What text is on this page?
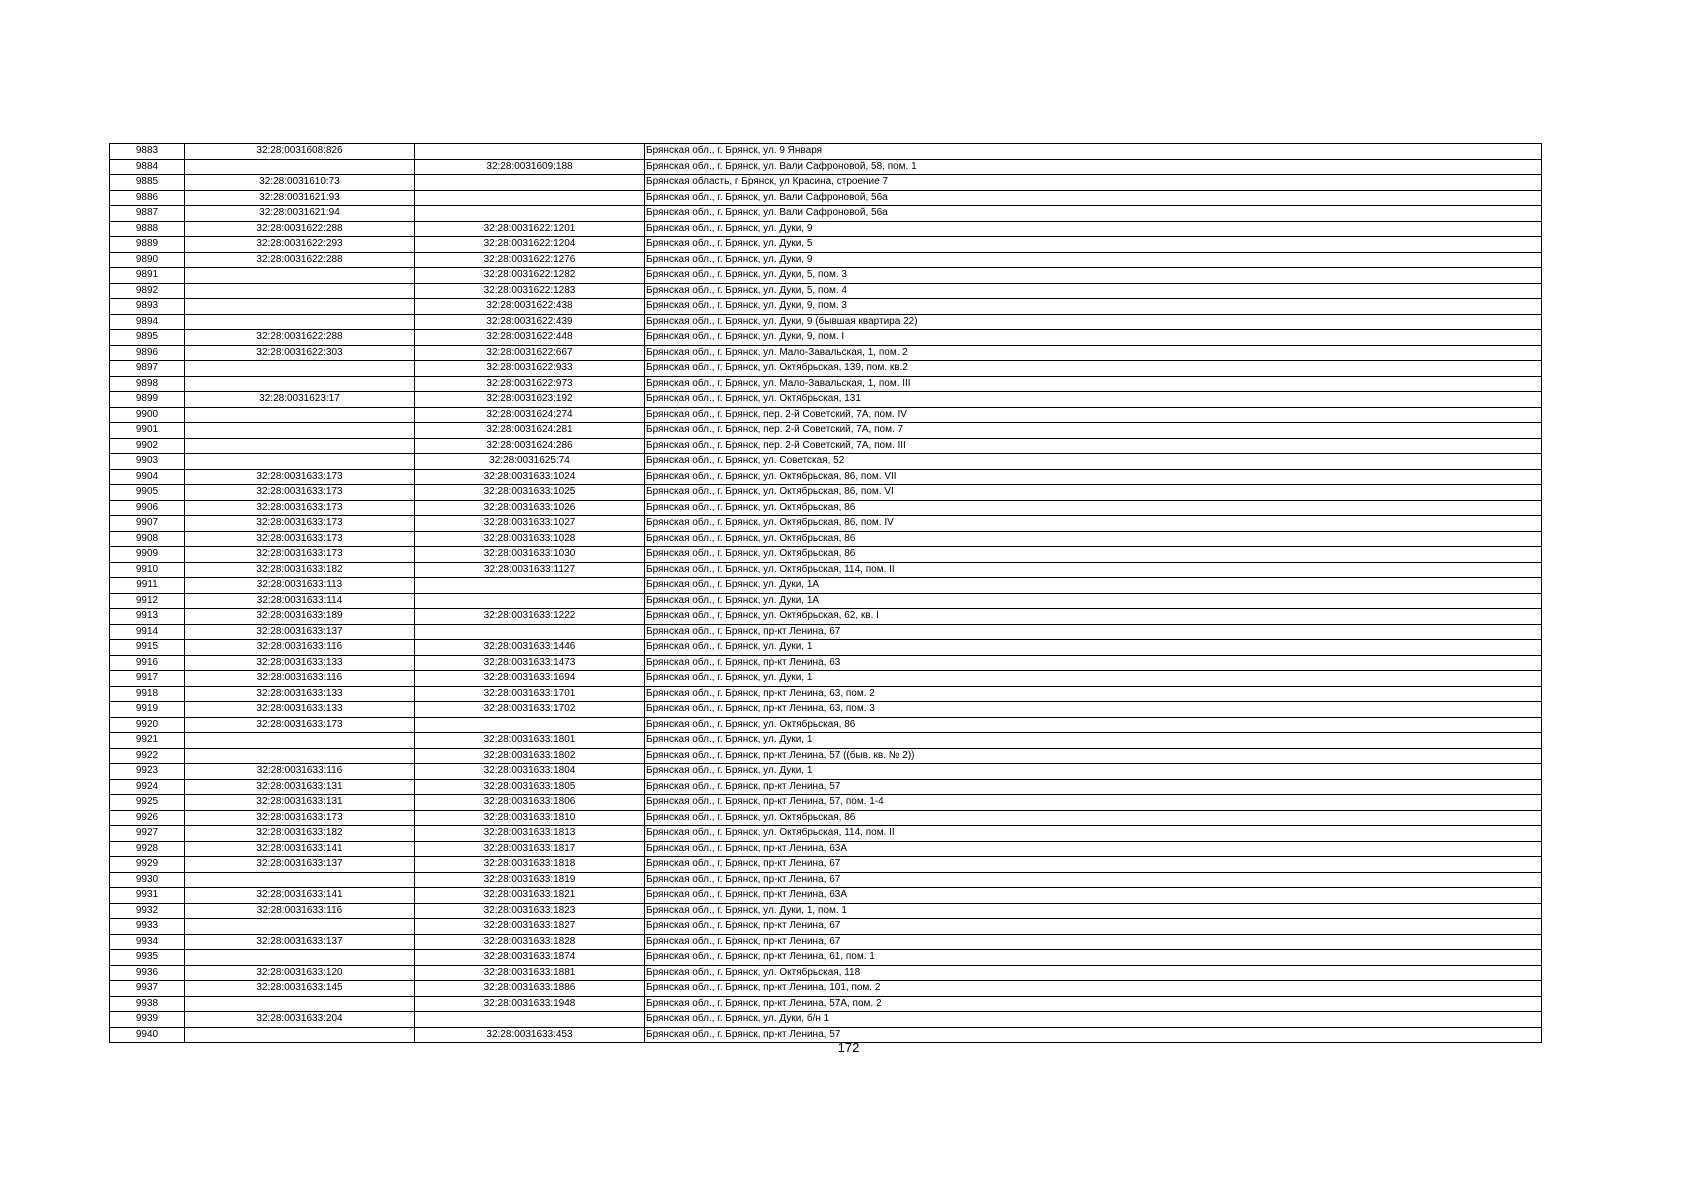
9883	32:28:0031608:826		Брянская обл., г. Брянск, ул. 9 Января
9884		32:28:0031609:188	Брянская обл., г. Брянск, ул. Вали Сафроновой, 58, пом. 1
9885	32:28:0031610:73		Брянская область, г Брянск, ул Красина, строение 7
9886	32:28:0031621:93		Брянская обл., г. Брянск, ул. Вали Сафроновой, 56а
9887	32:28:0031621:94		Брянская обл., г. Брянск, ул. Вали Сафроновой, 56а
9888	32:28:0031622:288	32:28:0031622:1201	Брянская обл., г. Брянск, ул. Дуки, 9
9889	32:28:0031622:293	32:28:0031622:1204	Брянская обл., г. Брянск, ул. Дуки, 5
9890	32:28:0031622:288	32:28:0031622:1276	Брянская обл., г. Брянск, ул. Дуки, 9
9891		32:28:0031622:1282	Брянская обл., г. Брянск, ул. Дуки, 5, пом. 3
9892		32:28:0031622:1283	Брянская обл., г. Брянск, ул. Дуки, 5, пом. 4
9893		32:28:0031622:438	Брянская обл., г. Брянск, ул. Дуки, 9, пом. 3
9894		32:28:0031622:439	Брянская обл., г. Брянск, ул. Дуки, 9 (бывшая квартира 22)
9895	32:28:0031622:288	32:28:0031622:448	Брянская обл., г. Брянск, ул. Дуки, 9, пом. I
9896	32:28:0031622:303	32:28:0031622:667	Брянская обл., г. Брянск, ул. Мало-Завальская, 1, пом. 2
9897		32:28:0031622:933	Брянская обл., г. Брянск, ул. Октябрьская, 139, пом. кв.2
9898		32:28:0031622:973	Брянская обл., г. Брянск, ул. Мало-Завальская, 1, пом. III
9899	32:28:0031623:17	32:28:0031623:192	Брянская обл., г. Брянск, ул. Октябрьская, 131
9900		32:28:0031624:274	Брянская обл., г. Брянск, пер. 2-й Советский, 7А, пом. IV
9901		32:28:0031624:281	Брянская обл., г. Брянск, пер. 2-й Советский, 7А, пом. 7
9902		32:28:0031624:286	Брянская обл., г. Брянск, пер. 2-й Советский, 7А, пом. III
9903		32:28:0031625:74	Брянская обл., г. Брянск, ул. Советская, 52
9904	32:28:0031633:173	32:28:0031633:1024	Брянская обл., г. Брянск, ул. Октябрьская, 86, пом. VII
9905	32:28:0031633:173	32:28:0031633:1025	Брянская обл., г. Брянск, ул. Октябрьская, 86, пом. VI
9906	32:28:0031633:173	32:28:0031633:1026	Брянская обл., г. Брянск, ул. Октябрьская, 86
9907	32:28:0031633:173	32:28:0031633:1027	Брянская обл., г. Брянск, ул. Октябрьская, 86, пом. IV
9908	32:28:0031633:173	32:28:0031633:1028	Брянская обл., г. Брянск, ул. Октябрьская, 86
9909	32:28:0031633:173	32:28:0031633:1030	Брянская обл., г. Брянск, ул. Октябрьская, 86
9910	32:28:0031633:182	32:28:0031633:1127	Брянская обл., г. Брянск, ул. Октябрьская, 114, пом. II
9911	32:28:0031633:113		Брянская обл., г. Брянск, ул. Дуки, 1А
9912	32:28:0031633:114		Брянская обл., г. Брянск, ул. Дуки, 1А
9913	32:28:0031633:189	32:28:0031633:1222	Брянская обл., г. Брянск, ул. Октябрьская, 62, кв. I
9914	32:28:0031633:137		Брянская обл., г. Брянск, пр-кт Ленина, 67
9915	32:28:0031633:116	32:28:0031633:1446	Брянская обл., г. Брянск, ул. Дуки, 1
9916	32:28:0031633:133	32:28:0031633:1473	Брянская обл., г. Брянск, пр-кт Ленина, 63
9917	32:28:0031633:116	32:28:0031633:1694	Брянская обл., г. Брянск, ул. Дуки, 1
9918	32:28:0031633:133	32:28:0031633:1701	Брянская обл., г. Брянск, пр-кт Ленина, 63, пом. 2
9919	32:28:0031633:133	32:28:0031633:1702	Брянская обл., г. Брянск, пр-кт Ленина, 63, пом. 3
9920	32:28:0031633:173		Брянская обл., г. Брянск, ул. Октябрьская, 86
9921		32:28:0031633:1801	Брянская обл., г. Брянск, ул. Дуки, 1
9922		32:28:0031633:1802	Брянская обл., г. Брянск, пр-кт Ленина, 57 ((быв. кв. № 2))
9923	32:28:0031633:116	32:28:0031633:1804	Брянская обл., г. Брянск, ул. Дуки, 1
9924	32:28:0031633:131	32:28:0031633:1805	Брянская обл., г. Брянск, пр-кт Ленина, 57
9925	32:28:0031633:131	32:28:0031633:1806	Брянская обл., г. Брянск, пр-кт Ленина, 57, пом. 1-4
9926	32:28:0031633:173	32:28:0031633:1810	Брянская обл., г. Брянск, ул. Октябрьская, 86
9927	32:28:0031633:182	32:28:0031633:1813	Брянская обл., г. Брянск, ул. Октябрьская, 114, пом. II
9928	32:28:0031633:141	32:28:0031633:1817	Брянская обл., г. Брянск, пр-кт Ленина, 63А
9929	32:28:0031633:137	32:28:0031633:1818	Брянская обл., г. Брянск, пр-кт Ленина, 67
9930		32:28:0031633:1819	Брянская обл., г. Брянск, пр-кт Ленина, 67
9931	32:28:0031633:141	32:28:0031633:1821	Брянская обл., г. Брянск, пр-кт Ленина, 63А
9932	32:28:0031633:116	32:28:0031633:1823	Брянская обл., г. Брянск, ул. Дуки, 1, пом. 1
9933		32:28:0031633:1827	Брянская обл., г. Брянск, пр-кт Ленина, 67
9934	32:28:0031633:137	32:28:0031633:1828	Брянская обл., г. Брянск, пр-кт Ленина, 67
9935		32:28:0031633:1874	Брянская обл., г. Брянск, пр-кт Ленина, 61, пом. 1
9936	32:28:0031633:120	32:28:0031633:1881	Брянская обл., г. Брянск, ул. Октябрьская, 118
9937	32:28:0031633:145	32:28:0031633:1886	Брянская обл., г. Брянск, пр-кт Ленина, 101, пом. 2
9938		32:28:0031633:1948	Брянская обл., г. Брянск, пр-кт Ленина, 57А, пом. 2
9939	32:28:0031633:204		Брянская обл., г. Брянск, ул. Дуки, б/н 1
9940		32:28:0031633:453	Брянская обл., г. Брянск, пр-кт Ленина, 57
172
